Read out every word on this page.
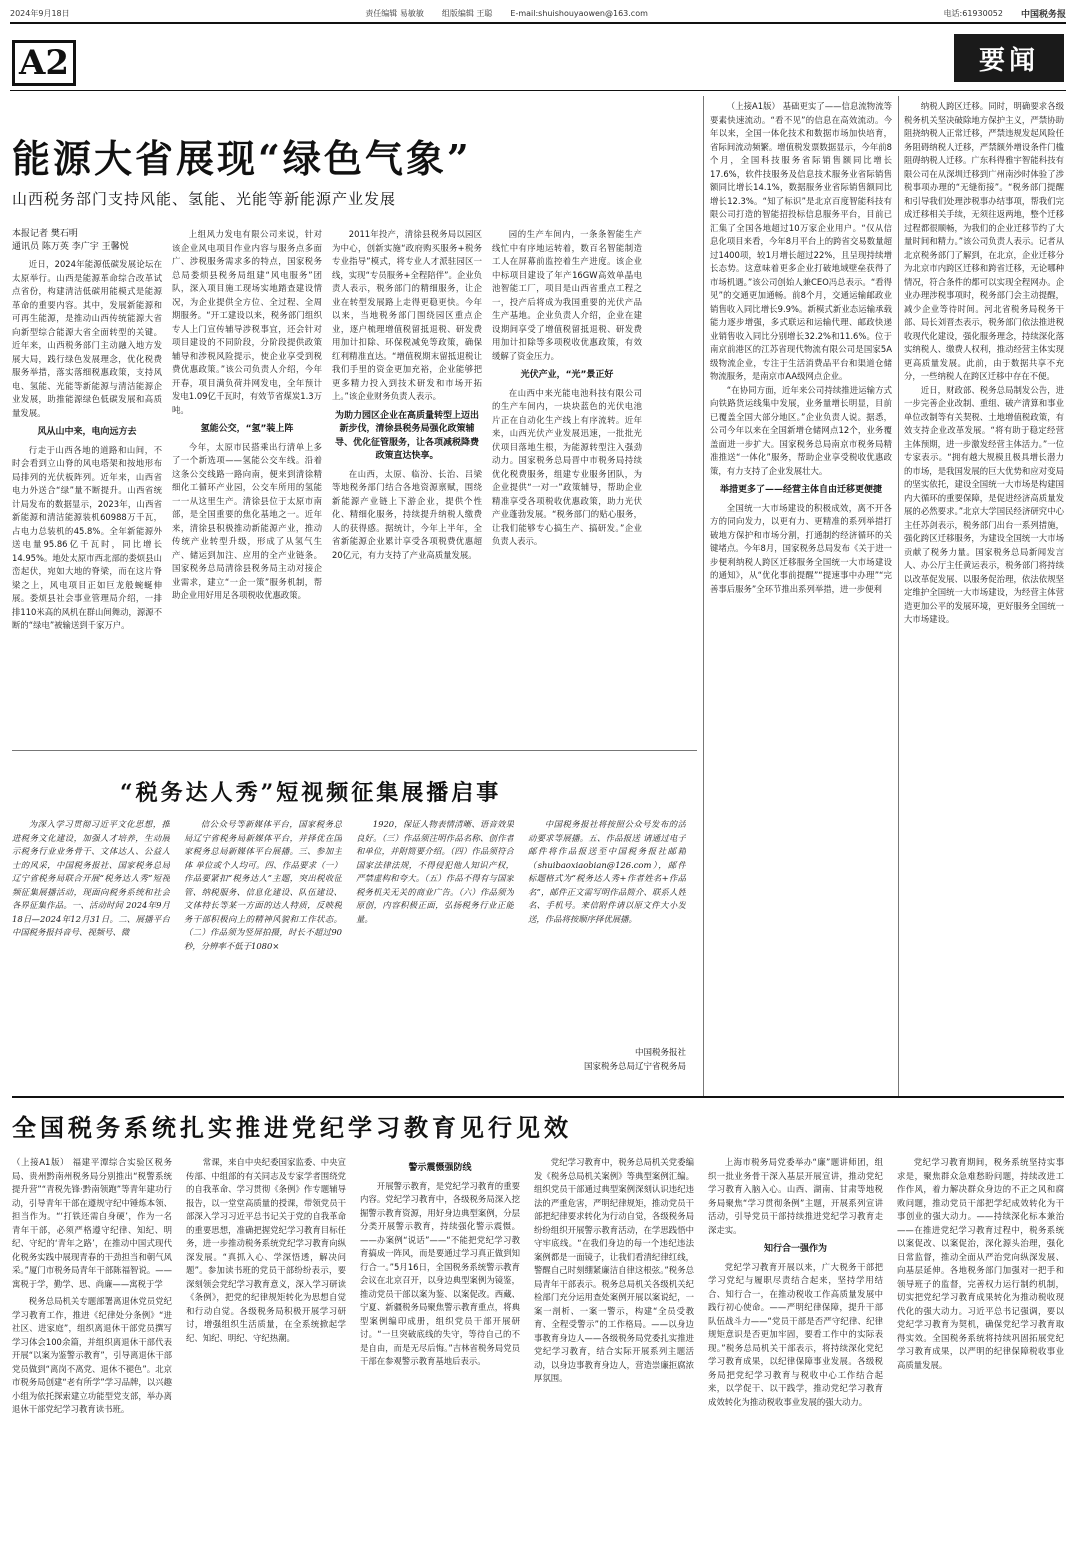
2024年9月18日	责任编辑 易敏敏 组版编辑 王聪 E-mail:shuishouyaowen@163.com	电话:61930052 中国税务报
A2	要闻
能源大省展现“绿色气象”
山西税务部门支持风能、氢能、光能等新能源产业发展
本报记者 樊石明
通讯员 陈万英 李广宇 王馨悦

近日，2024年能源低碳发展论坛在太原举行。山西是能源革命综合改革试点省份，构建清洁低碳用能模式是能源革命的重要内容。其中，发展新能源和可再生能源，是推动山西传统能源大省向新型综合能源大省全面转型的关键。近年来，山西税务部门主动融入地方发展大局，践行绿色发展理念，优化税费服务举措，落实落细税惠政策，支持风电、氢能、光能等新能源与清洁能源企业发展，助推能源绿色低碳发展和高质量发展。

风从山中来，电向远方去

行走于山西各地的道路和山间，不时会看到立山脊的风电塔架和按地形布局排列的光伏板阵列。近年来，山西省电力外送合“绿”量不断提升。山西省统计局发布的数据显示，2023年，山西省新能源和清洁能源装机60988万千瓦，占电力总装机的45.8%。全年新能源外送电量95.86亿千瓦时，同比增长14.95%。地处太原市西北部的娄烦县山峦起伏，宛如大地的脊梁，而在这片脊梁之上，风电项目正如巨龙般蜿蜒伸展。娄烦县社会事业管理局介绍，一排排110米高的风机在群山间舞动，源源不断的“绿电”被输送到千家万户。

上组风力发电有限公司来说，针对该企业风电项目作业内容与服务点多面广、涉税服务需求多的特点，国家税务总局娄烦县税务局组建“风电服务”团队，深入项目施工现场实地踏查建设情况，为企业提供全方位、全过程、全周期服务。“开工建设以来，税务部门组织专人上门宣传辅导涉税事宜，还会针对项目建设的不同阶段，分阶段提供政策辅导和涉税风险提示，使企业享受到税费优惠政策。”该公司负责人介绍，今年开春，项目满负荷并网发电，全年预计发电1.09亿千瓦时，有效节省煤炭1.3万吨。

氢能公交，“氢”装上阵

今年，太原市民搭乘出行清单上多了一个新选项——氢能公交车线。沿着这条公交线路一路向南，便来到清徐精细化工循环产业园，公交车所用的氢能一一从这里生产。清徐县位于太原市南部，是全国重要的焦化基地之一。近年来，清徐县积极推动新能源产业，推动传统产业转型升级，形成了从氢气生产、储运到加注、应用的全产业链条。国家税务总局清徐县税务局主动对接企业需求，建立“一企一策”服务机制，帮助企业用好用足各项税收优惠政策。

2011年投产，清徐县税务局以园区为中心，创新实施“政府购买服务+税务专业指导”模式，将专业人才派驻园区一线，实现“专员服务+全程陪伴”。企业负责人表示，税务部门的精细服务，让企业在转型发展路上走得更稳更快。今年以来，当地税务部门围绕园区重点企业，逐户梳理增值税留抵退税、研发费用加计扣除、环保税减免等政策，确保红利精准直达。“增值税期末留抵退税让我们手里的资金更加充裕，企业能够把更多精力投入到技术研发和市场开拓上。”该企业财务负责人表示。

为助力园区企业在高质量转型上迈出新步伐，清徐县税务局强化政策辅导、优化征管服务，让各项减税降费政策直达快享。

在山西，太原、临汾、长治、吕梁等地税务部门结合各地资源禀赋，围绕新能源产业链上下游企业，提供个性化、精细化服务，持续提升纳税人缴费人的获得感。据统计，今年上半年，全省新能源企业累计享受各项税费优惠超20亿元，有力支持了产业高质量发展。

园的生产车间内，一条条智能生产线忙中有序地运转着，数百名智能制造工人在屏幕前监控着生产进度。该企业中标项目建设了年产16GW高效单晶电池智能工厂，项目是山西省重点工程之一，投产后将成为我国重要的光伏产品生产基地。企业负责人介绍，企业在建设期间享受了增值税留抵退税、研发费用加计扣除等多项税收优惠政策，有效缓解了资金压力。

光伏产业，“光”景正好

在山西中来光能电池科技有限公司的生产车间内，一块块蓝色的光伏电池片正在自动化生产线上有序流转。近年来，山西光伏产业发展迅速，一批批光伏项目落地生根，为能源转型注入强劲动力。国家税务总局晋中市税务局持续优化税费服务，组建专业服务团队，为企业提供“一对一”政策辅导，帮助企业精准享受各项税收优惠政策，助力光伏产业蓬勃发展。“税务部门的贴心服务，让我们能够专心搞生产、搞研发。”企业负责人表示。

（上接A1版） 基础更实了——信息流物流等要素快速流动。“看不见”的信息在高效流动。今年以来，全国一体化技术和数据市场加快培育，省际间流动频繁。增值税发票数据显示，今年前8个月，全国科技服务省际销售额同比增长17.6%，软件技服务及信息技术服务业省际销售额同比增长14.1%，数据服务业省际销售额同比增长12.3%。“知了标识”是北京百度智能科技有限公司打造的智能招投标信息服务平台，目前已汇集了全国各地超过10万家企业用户。“仅从信息化项目来看，今年8月平台上的跨省交易数量超过1400项，较1月增长超过22%，且呈现持续增长态势。这意味着更多企业打破地域壁垒获得了市场机遇。”该公司创始人兼CEO冯总表示。“看得见”的交通更加通畅。前8个月，交通运输邮政业销售收入同比增长9.9%。新模式新业态运输承载能力逐步增强，多式联运和运输代理、邮政快递业销售收入同比分别增长32.2%和11.6%。位于南京前港区的江苏省现代物流有限公司是国家5A级物流企业，专注于生活消费品平台和渠道仓储物流服务，是南京市AA级网点企业。

“在协同方面，近年来公司持续推进运输方式向铁路货运线集中发展，业务量增长明显，目前已覆盖全国大部分地区。”企业负责人说。据悉，公司今年以来在全国新增仓储网点12个，业务覆盖面进一步扩大。国家税务总局南京市税务局精准推送“一体化”服务，帮助企业享受税收优惠政策，有力支持了企业发展壮大。

举措更多了——经营主体自由迁移更便捷

全国统一大市场建设的积极成效，离不开各方的同向发力，以更有力、更精准的系列举措打破地方保护和市场分割，打通制约经济循环的关键堵点。今年8月，国家税务总局发布《关于进一步便利纳税人跨区迁移服务全国统一大市场建设的通知》，从“优化事前提醒”“提速事中办理”“完善事后服务”全环节推出系列举措，进一步便利

纳税人跨区迁移。同时，明确要求各级税务机关坚决破除地方保护主义，严禁协助阻挠纳税人正常迁移，严禁违规发起风险任务阻碍纳税人迁移，严禁额外增设条件门槛阻碍纳税人迁移。广东科得雅宇智能科技有限公司在从深圳迁移到广州南沙时体验了涉税事项办理的“无缝衔接”。“税务部门提醒和引导我们处理涉税事办结事项，帮我们完成迁移相关手续，无须往返两地，整个迁移过程都很顺畅，为我们的企业迁移节约了大量时间和精力。”该公司负责人表示。记者从北京税务部门了解到，在北京，企业迁移分为北京市内跨区迁移和跨省迁移，无论哪种情况，符合条件的都可以实现全程网办。企业办理涉税事项时，税务部门会主动提醒，减少企业等待时间。河北省税务局税务干部、局长刘晋杰表示，税务部门依法推进税收现代化建设，强化服务理念，持续深化落实纳税人、缴费人权利，推动经营主体实现更高质量发展。此前，由于数据共享不充分，一些纳税人在跨区迁移中存在不便。

近日，财政部、税务总局制发公告，进一步完善企业改制、重组、破产清算和事业单位改制等有关契税、土地增值税政策，有效支持企业改革发展。“将有助于稳定经营主体预期，进一步激发经营主体活力。”一位专家表示。“拥有越大规模且极具增长潜力的市场，是我国发展的巨大优势和应对变局的坚实依托，建设全国统一大市场是构建国内大循环的重要保障，是促进经济高质量发展的必然要求。”北京大学国民经济研究中心主任苏剑表示，税务部门出台一系列措施，强化跨区迁移服务，为建设全国统一大市场贡献了税务力量。国家税务总局新闻发言人、办公厅主任黄运表示，税务部门将持续以改革促发展、以服务促治理，依法依规坚定维护全国统一大市场建设，为经营主体营造更加公平的发展环境，更好服务全国统一大市场建设。

“税务达人秀”短视频征集展播启事

为深入学习贯彻习近平文化思想，推进税务文化建设，加强人才培养，生动展示税务行业业务骨干、文体达人、公益人士的风采，中国税务报社、国家税务总局辽宁省税务局联合开展“税务达人秀”短视频征集展播活动，现面向税务系统和社会各界征集作品。一、活动时间 2024年9月18日—2024年12月31日。二、展播平台 中国税务报抖音号、视频号、微

信公众号等新媒体平台，国家税务总局辽宁省税务局新媒体平台，并择优在国家税务总局新媒体平台展播。三、参加主体 单位或个人均可。四、作品要求（一）作品要紧扣“税务达人”主题，突出税收征管、纳税服务、信息化建设、队伍建设、文体特长等某一方面的达人特质，反映税务干部积极向上的精神风貌和工作状态。（二）作品须为竖屏拍摄，时长不超过90秒，分辨率不低于1080×

1920，保证人物表情清晰、语音效果良好。（三）作品须注明作品名称、创作者和单位，并附简要介绍。（四）作品须符合国家法律法规，不得侵犯他人知识产权，严禁虚构和夸大。（五）作品不得有与国家税务机关无关的商业广告。（六）作品须为原创，内容积极正面，弘扬税务行业正能量。

中国税务报社将按照公众号发布的活动要求等展播。五、作品报送 请通过电子邮件将作品报送至中国税务报社邮箱（shuibaoxiaobian@126.com），邮件标题格式为“税务达人秀+作者姓名+作品名”，邮件正文需写明作品简介、联系人姓名、手机号。来信附件请以原文件大小发送，作品将按顺序择优展播。

中国税务报社
国家税务总局辽宁省税务局
全国税务系统扎实推进党纪学习教育见行见效

（上接A1版） 福建平潭综合实验区税务局、贵州黔南州税务局分别推出“税警系统提升营”“青税先锋·黔南领跑”等青年建功行动，引导青年干部在遵规守纪中锤炼本领、担当作为。“‘打铁还需自身硬’，作为一名青年干部，必须严格遵守纪律、知纪、明纪、守纪的‘青年之路’，在推动中国式现代化税务实践中展现青春的干劲担当和朝气风采。”厦门市税务局青年干部陈福智说。——寓税于学，勤学、思、尚廉——寓税于学

税务总局机关专题部署离退休党员党纪学习教育工作，推进《纪律处分条例》“进社区、进家庭”，组织离退休干部党员撰写学习体会100余篇，并组织离退休干部代表开展“以案为鉴警示教育”，引导离退休干部党员做到“离岗不离党、退休不褪色”。北京市税务局创建“老有所学”学习品牌，以兴趣小组为依托探索建立功能型党支部，举办离退休干部党纪学习教育读书班。

常课，来自中央纪委国家监委、中央宣传部、中组部的有关同志及专家学者围绕党的自我革命、学习贯彻《条例》作专题辅导报告，以一堂堂高质量的授课，带领党员干部深入学习习近平总书记关于党的自我革命的重要思想，准确把握党纪学习教育目标任务，进一步推动税务系统党纪学习教育向纵深发展。“真抓入心、学深悟透，解决问题”。参加读书班的党员干部纷纷表示，要深刻领会党纪学习教育意义，深入学习研读《条例》，把党的纪律规矩转化为思想自觉和行动自觉。各级税务局积极开展学习研讨，增强组织生活质量，在全系统掀起学纪、知纪、明纪、守纪热潮。

警示震慑强防线

开展警示教育，是党纪学习教育的重要内容。党纪学习教育中，各级税务局深入挖掘警示教育资源，用好身边典型案例，分层分类开展警示教育，持续强化警示震慑。——办案例“说话”——“不能把党纪学习教育搞成一阵风，而是要通过学习真正做到知行合一。”5月16日，全国税务系统警示教育会议在北京召开，以身边典型案例为镜鉴，推动党员干部以案为鉴、以案促改。西藏、宁夏、新疆税务局聚焦警示教育重点，将典型案例编印成册，组织党员干部开展研讨。“一旦突破底线的失守，等待自己的不是自由，而是无尽后悔。”吉林省税务局党员干部在参观警示教育基地后表示。

党纪学习教育中，税务总局机关党委编发《税务总局机关案例》等典型案例汇编。组织党员干部通过典型案例深刻认识违纪违法的严重危害，严明纪律规矩，推动党员干部把纪律要求转化为行动自觉，各级税务局纷纷组织开展警示教育活动，在学思践悟中守牢底线。“在我们身边的每一个违纪违法案例都是一面镜子，让我们看清纪律红线，警醒自己时刻绷紧廉洁自律这根弦。”税务总局青年干部表示。税务总局机关各级机关纪检部门充分运用查处案例开展以案说纪，一案一剖析、一案一警示，构建“全员受教育、全程受警示”的工作格局。——以身边事教育身边人——各级税务局党委扎实推进党纪学习教育，结合实际开展系列主题活动，以身边事教育身边人，营造崇廉拒腐浓厚氛围。

上海市税务局党委举办“廉”题讲师团，组织一批业务骨干深入基层开展宣讲，推动党纪学习教育入脑入心。山西、湖南、甘肃等地税务局聚焦“学习贯彻条例”主题，开展系列宣讲活动，引导党员干部持续推进党纪学习教育走深走实。

知行合一强作为

党纪学习教育开展以来，广大税务干部把学习党纪与履职尽责结合起来，坚持学用结合、知行合一，在推动税收工作高质量发展中践行初心使命。——严明纪律保障，提升干部队伍战斗力——“党员干部是否严守纪律、纪律规矩意识是否更加牢固，要看工作中的实际表现。”税务总局机关干部表示，将持续深化党纪学习教育成果，以纪律保障事业发展。各级税务局把党纪学习教育与税收中心工作结合起来，以学促干、以干践学，推动党纪学习教育成效转化为推动税收事业发展的强大动力。

党纪学习教育期间，税务系统坚持实事求是，聚焦群众急难愁盼问题，持续改进工作作风，着力解决群众身边的不正之风和腐败问题，推动党员干部把学纪成效转化为干事创业的强大动力。——持续深化标本兼治——在推进党纪学习教育过程中，税务系统以案促改、以案促治，深化源头治理，强化日常监督，推动全面从严治党向纵深发展、向基层延伸。各地税务部门加强对一把手和领导班子的监督，完善权力运行制约机制，切实把党纪学习教育成果转化为推动税收现代化的强大动力。习近平总书记强调，要以党纪学习教育为契机，确保党纪学习教育取得实效。全国税务系统将持续巩固拓展党纪学习教育成果，以严明的纪律保障税收事业高质量发展。
